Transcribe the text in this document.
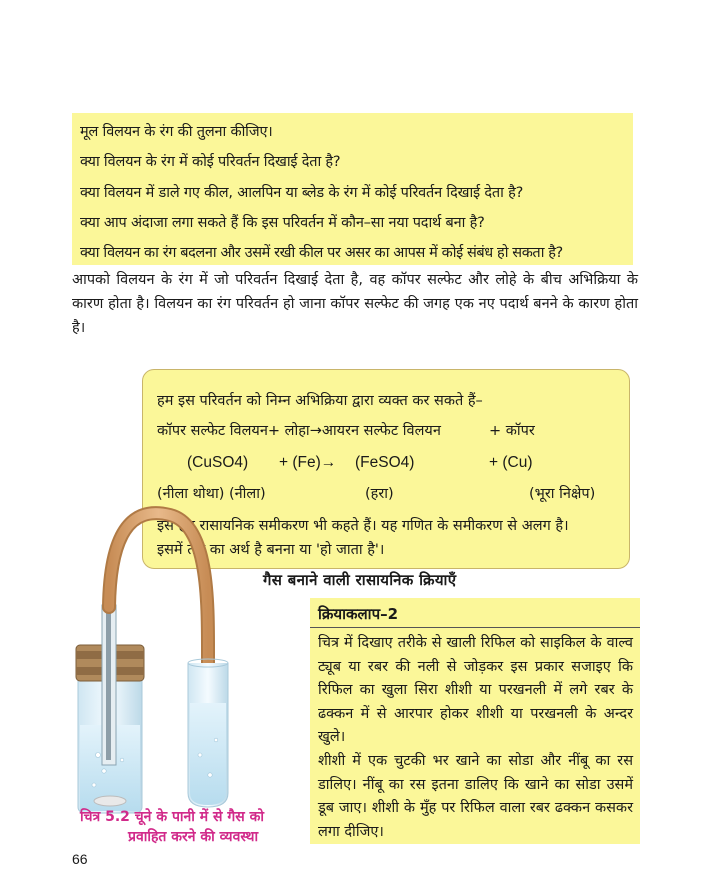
मूल विलयन के रंग की तुलना कीजिए।

क्या विलयन के रंग में कोई परिवर्तन दिखाई देता है?

क्या विलयन में डाले गए कील, आलपिन या ब्लेड के रंग में कोई परिवर्तन दिखाई देता है?

क्या आप अंदाजा लगा सकते हैं कि इस परिवर्तन में कौन–सा नया पदार्थ बना है?

क्या विलयन का रंग बदलना और उसमें रखी कील पर असर का आपस में कोई संबंध हो सकता है?

आपको विलयन के रंग में जो परिवर्तन दिखाई देता है, वह कॉपर सल्फेट और लोहे के बीच अभिक्रिया के कारण होता है। विलयन का रंग परिवर्तन हो जाना कॉपर सल्फेट की जगह एक नए पदार्थ बनने के कारण होता है।

हम इस परिवर्तन को निम्न अभिक्रिया द्वारा व्यक्त कर सकते हैं–
कॉपर सल्फेट विलयन+ लोहा→आयरन सल्फेट विलयन	+ कॉपर
(CuSO4) + (Fe)→ (FeSO4)	+ (Cu)
(नीला थोथा) (नीला)	(हरा)	(भूरा निक्षेप)
इसे हम रासायनिक समीकरण भी कहते हैं। यह गणित के समीकरण से अलग है।
इसमें तीर का अर्थ है बनना या 'हो जाता है'।
गैस बनाने वाली रासायनिक क्रियाएँ
क्रियाकलाप–2

चित्र में दिखाए तरीके से खाली रिफिल को साइकिल के वाल्व ट्यूब या रबर की नली से जोड़कर इस प्रकार सजाइए कि रिफिल का खुला सिरा शीशी या परखनली में लगे रबर के ढक्कन में से आरपार होकर शीशी या परखनली के अन्दर खुले।

शीशी में एक चुटकी भर खाने का सोडा और नींबू का रस डालिए। नींबू का रस इतना डालिए कि खाने का सोडा उसमें डूब जाए। शीशी के मुँह पर रिफिल वाला रबर ढक्कन कसकर लगा दीजिए।

चित्र 5.2 चूने के पानी में से गैस को
प्रवाहित करने की व्यवस्था
66
